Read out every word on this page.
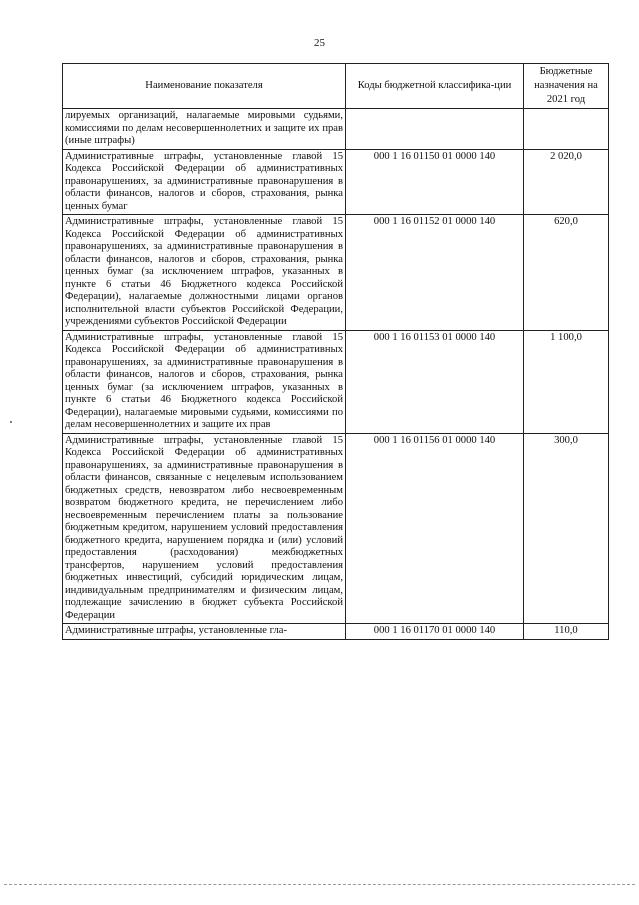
25
Наименование показателя	Коды бюджетной классифика-ции	Бюджетные назначения на 2021 год
лируемых организаций, налагаемые мировыми судьями, комиссиями по делам несовершеннолетних и защите их прав (иные штрафы)		
Административные штрафы, установленные главой 15 Кодекса Российской Федерации об административных правонарушениях, за административные правонарушения в области финансов, налогов и сборов, страхования, рынка ценных бумаг	000 1 16 01150 01 0000 140	2 020,0
Административные штрафы, установленные главой 15 Кодекса Российской Федерации об административных правонарушениях, за административные правонарушения в области финансов, налогов и сборов, страхования, рынка ценных бумаг (за исключением штрафов, указанных в пункте 6 статьи 46 Бюджетного кодекса Российской Федерации), налагаемые должностными лицами органов исполнительной власти субъектов Российской Федерации, учреждениями субъектов Российской Федерации	000 1 16 01152 01 0000 140	620,0
Административные штрафы, установленные главой 15 Кодекса Российской Федерации об административных правонарушениях, за административные правонарушения в области финансов, налогов и сборов, страхования, рынка ценных бумаг (за исключением штрафов, указанных в пункте 6 статьи 46 Бюджетного кодекса Российской Федерации), налагаемые мировыми судьями, комиссиями по делам несовершеннолетних и защите их прав	000 1 16 01153 01 0000 140	1 100,0
Административные штрафы, установленные главой 15 Кодекса Российской Федерации об административных правонарушениях, за административные правонарушения в области финансов, связанные с нецелевым использованием бюджетных средств, невозвратом либо несвоевременным возвратом бюджетного кредита, не перечислением либо несвоевременным перечислением платы за пользование бюджетным кредитом, нарушением условий предоставления бюджетного кредита, нарушением порядка и (или) условий предоставления (расходования) межбюджетных трансфертов, нарушением условий предоставления бюджетных инвестиций, субсидий юридическим лицам, индивидуальным предпринимателям и физическим лицам, подлежащие зачислению в бюджет субъекта Российской Федерации	000 1 16 01156 01 0000 140	300,0
Административные штрафы, установленные гла-	000 1 16 01170 01 0000 140	110,0
